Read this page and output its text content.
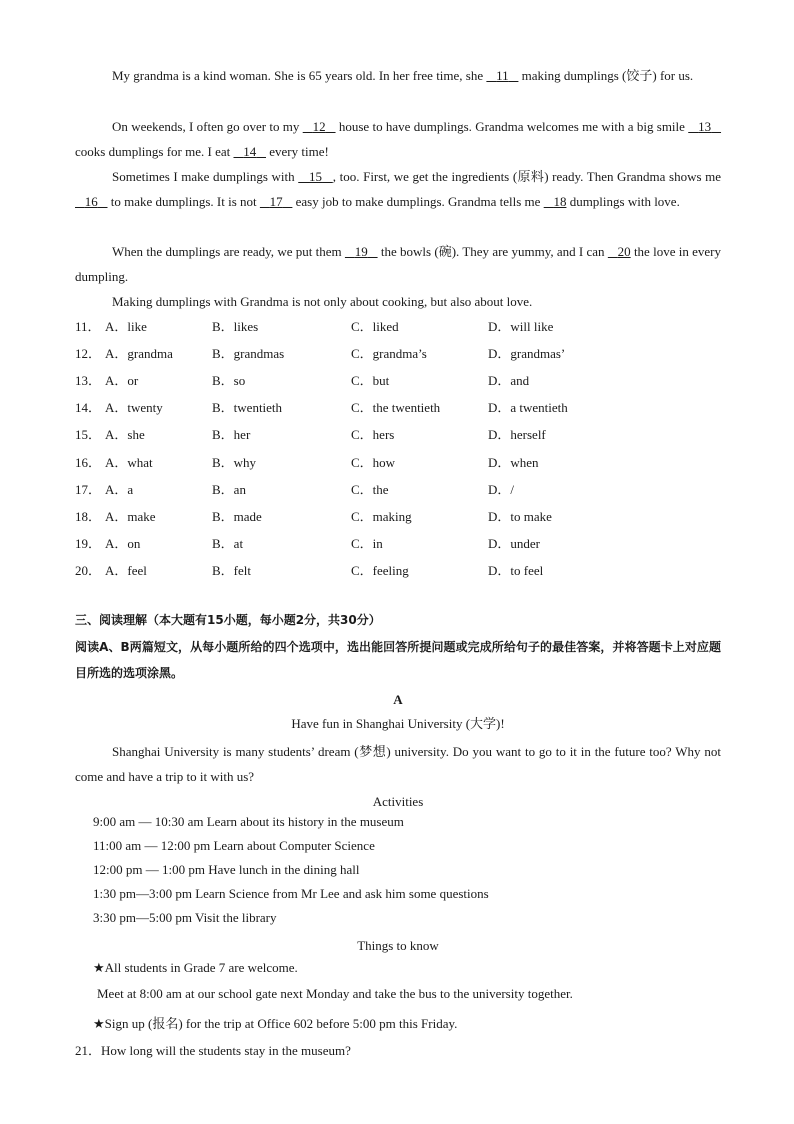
My grandma is a kind woman. She is 65 years old. In her free time, she    11    making dumplings (饺子) for us.
On weekends, I often go over to my    12    house to have dumplings. Grandma welcomes me with a big smile    13    cooks dumplings for me. I eat    14    every time!
Sometimes I make dumplings with    15 , too. First, we get the ingredients (原料) ready. Then Grandma shows me    16    to make dumplings. It is not    17    easy job to make dumplings. Grandma tells me    18 dumplings with love.
When the dumplings are ready, we put them    19    the bowls (碗). They are yummy, and I can    20 the love in every dumpling.
Making dumplings with Grandma is not only about cooking, but also about love.
11． A．like	B．likes	C．liked	D．will like
12． A．grandma	B．grandmas	C．grandma’s	D．grandmas’
13． A．or	B．so	C．but	D．and
14． A．twenty	B．twentieth	C．the twentieth	D．a twentieth
15． A．she	B．her	C．hers	D．herself
16． A．what	B．why	C．how	D．when
17． A．a	B．an	C．the	D．/
18． A．make	B．made	C．making	D．to make
19． A．on	B．at	C．in	D．under
20． A．feel	B．felt	C．feeling	D．to feel
三、阅读理解（本大题有15小题，每小题2分，共30分）
阅读A、B两篇短文，从每小题所给的四个选项中，选出能回答所提问题或完成所给句子的最佳答案，并将答题卡上对应题目所选的选项涂黑。
A
Have fun in Shanghai University (大学)!
Shanghai University is many students’ dream (梦想) university. Do you want to go to it in the future too? Why not come and have a trip to it with us?
Activities
9:00 am — 10:30 am Learn about its history in the museum
11:00 am — 12:00 pm Learn about Computer Science
12:00 pm — 1:00 pm Have lunch in the dining hall
1:30 pm—3:00 pm Learn Science from Mr Lee and ask him some questions
3:30 pm—5:00 pm Visit the library
Things to know
★All students in Grade 7 are welcome.
Meet at 8:00 am at our school gate next Monday and take the bus to the university together.
★Sign up (报名) for the trip at Office 602 before 5:00 pm this Friday.
21．How long will the students stay in the museum?
